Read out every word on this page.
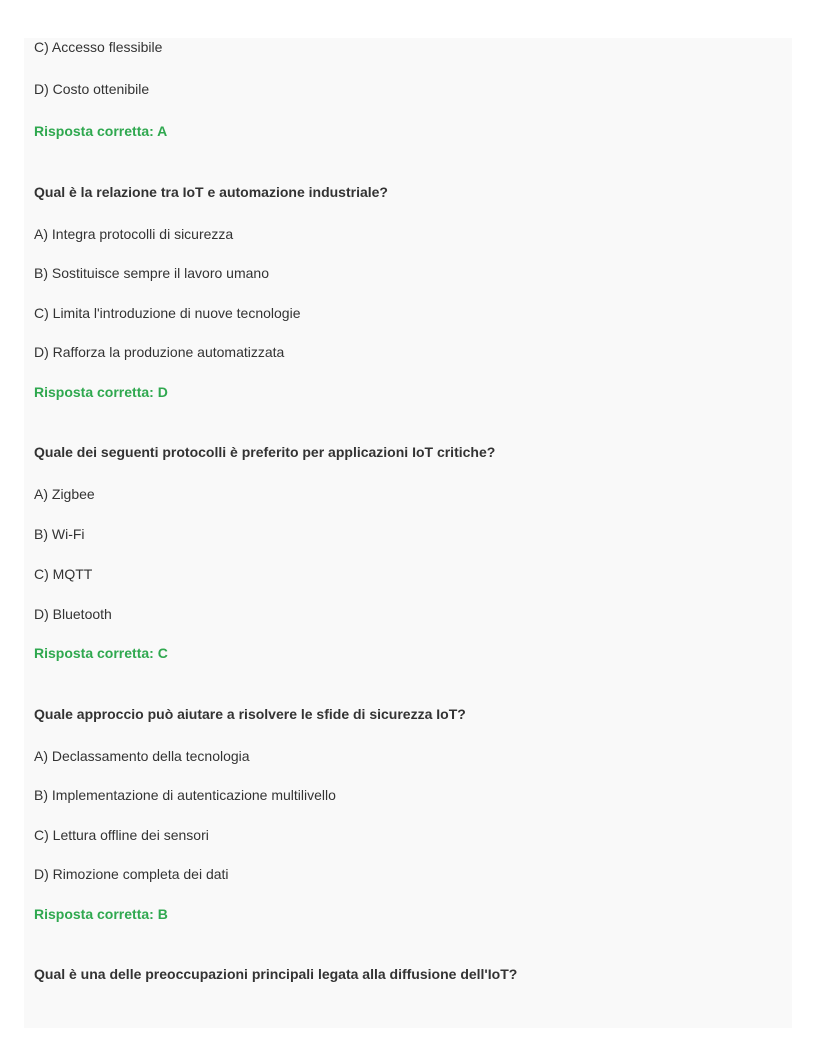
C) Accesso flessibile
D) Costo ottenibile
Risposta corretta: A
Qual è la relazione tra IoT e automazione industriale?
A) Integra protocolli di sicurezza
B) Sostituisce sempre il lavoro umano
C) Limita l'introduzione di nuove tecnologie
D) Rafforza la produzione automatizzata
Risposta corretta: D
Quale dei seguenti protocolli è preferito per applicazioni IoT critiche?
A) Zigbee
B) Wi-Fi
C) MQTT
D) Bluetooth
Risposta corretta: C
Quale approccio può aiutare a risolvere le sfide di sicurezza IoT?
A) Declassamento della tecnologia
B) Implementazione di autenticazione multilivello
C) Lettura offline dei sensori
D) Rimozione completa dei dati
Risposta corretta: B
Qual è una delle preoccupazioni principali legata alla diffusione dell'IoT?
